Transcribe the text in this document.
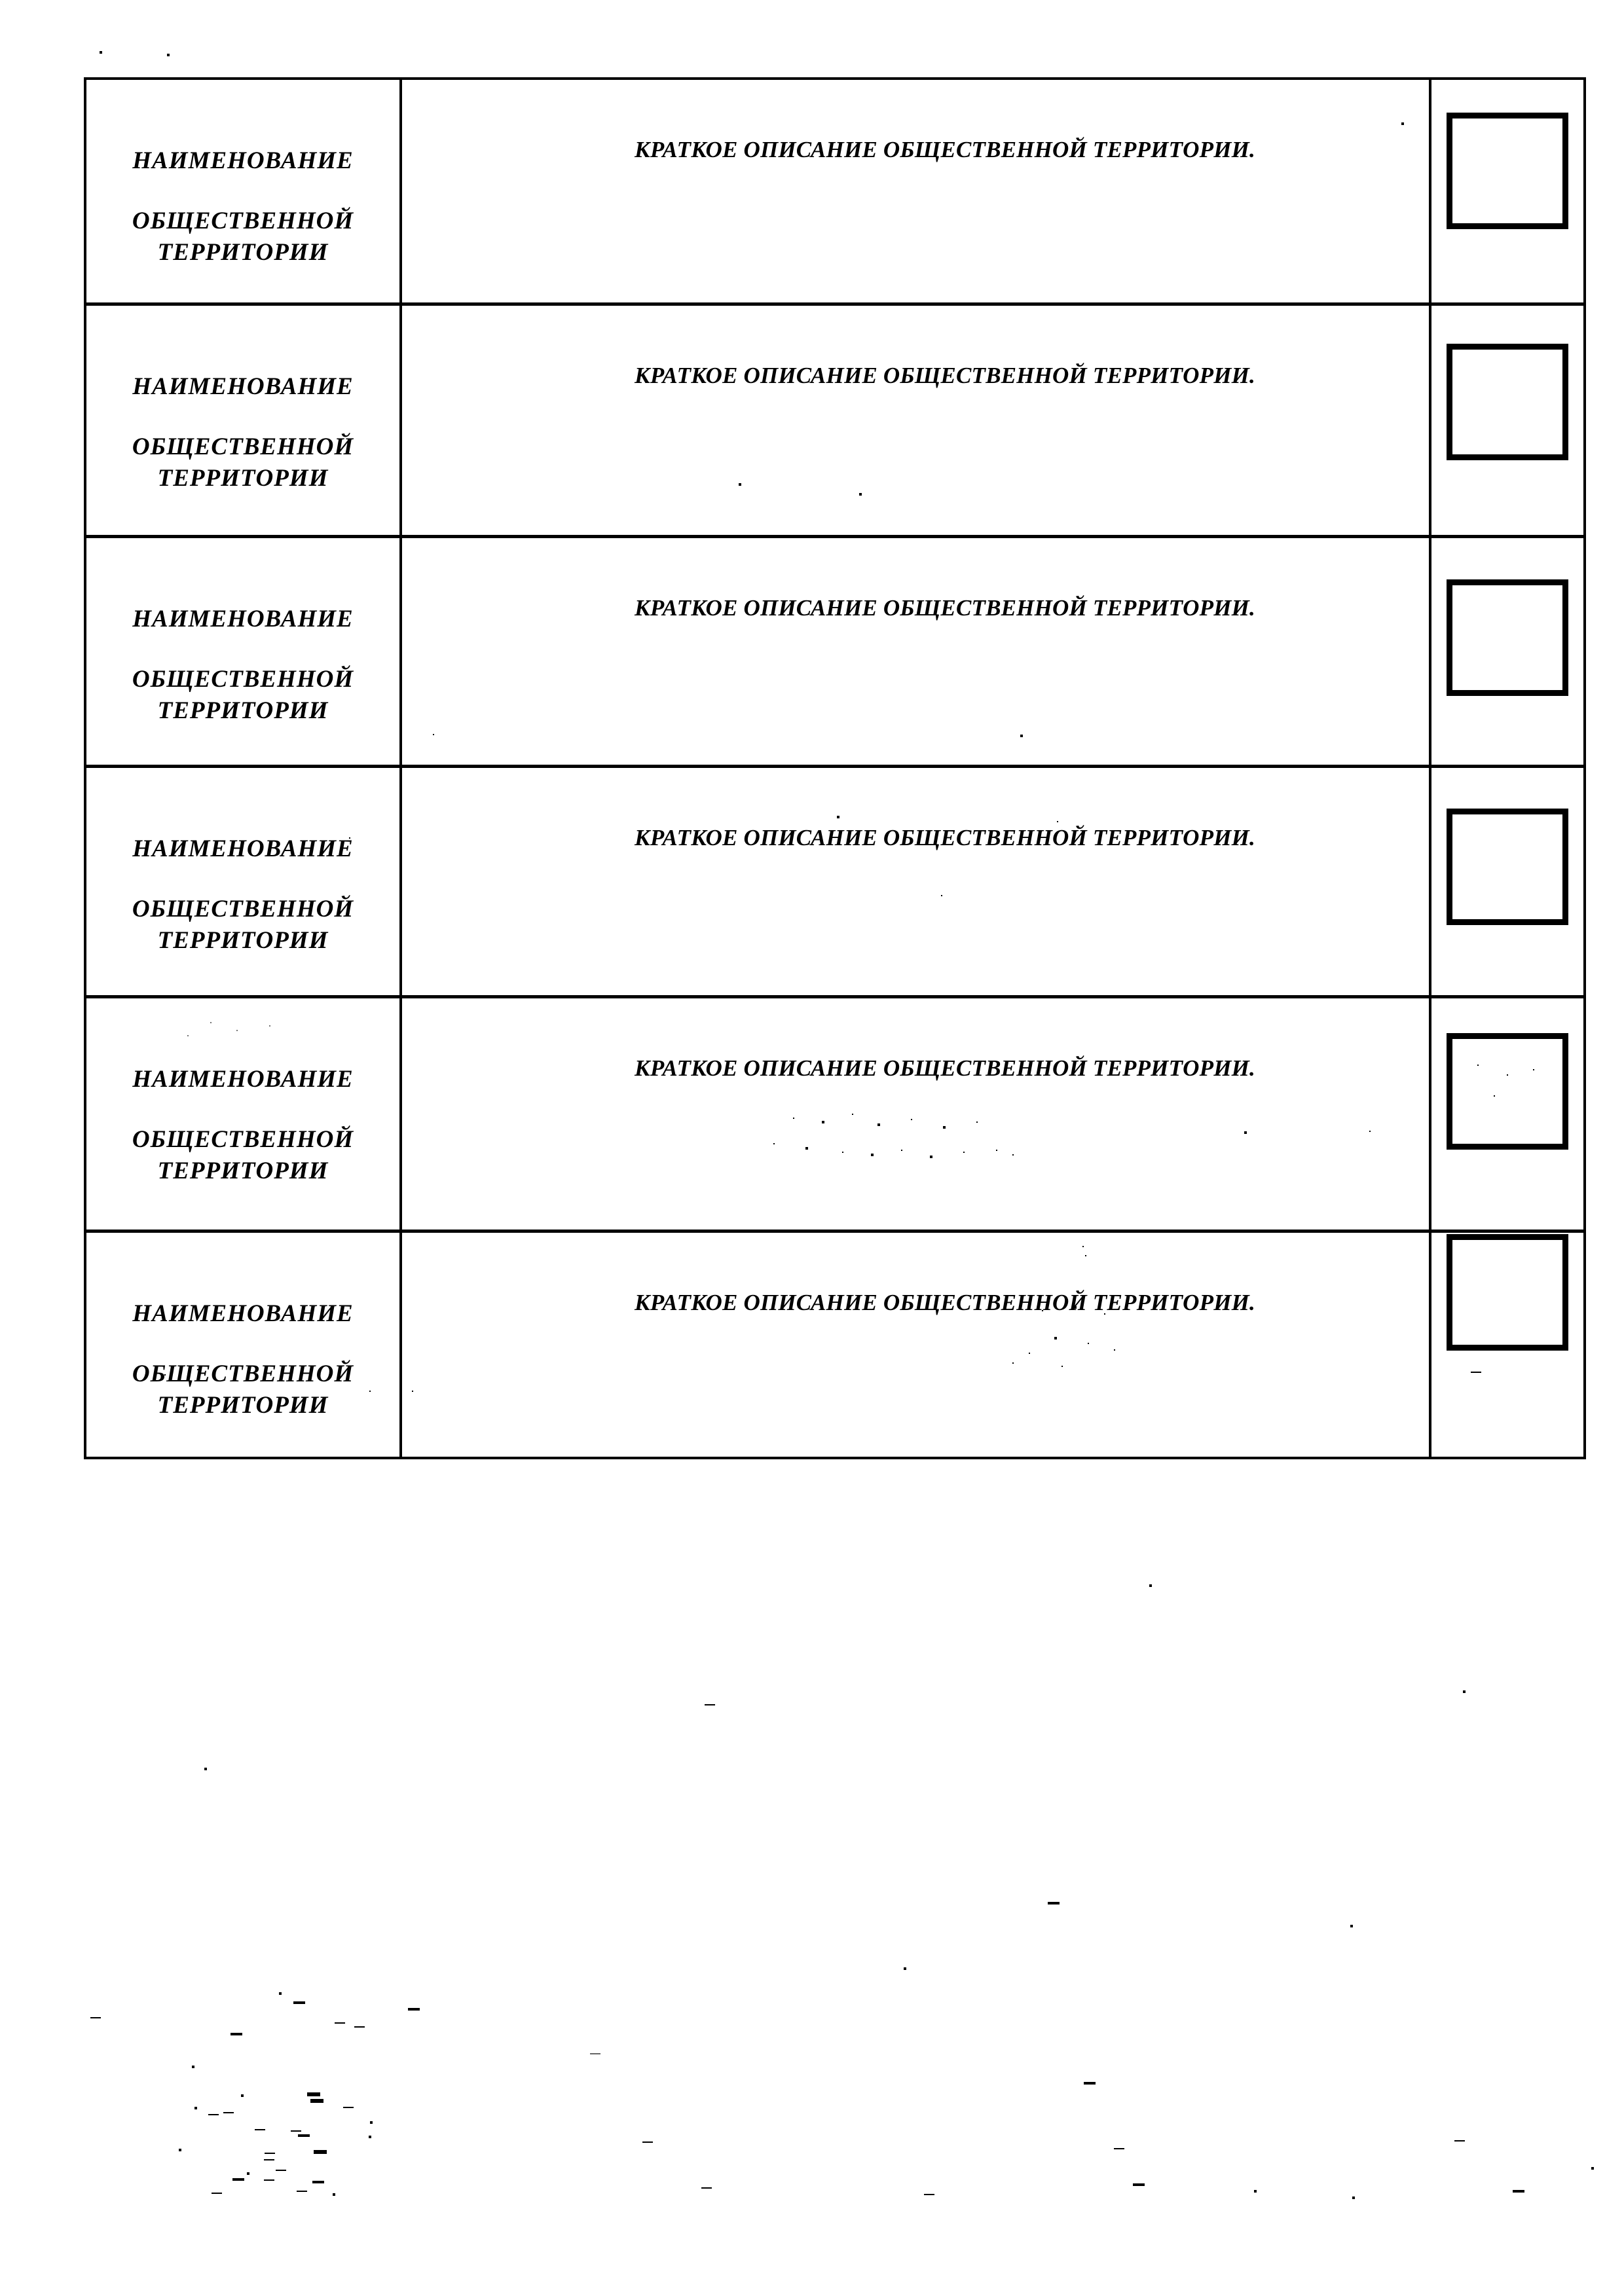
НАИМЕНОВАНИЕ
ОБЩЕСТВЕННОЙ
ТЕРРИТОРИИ
КРАТКОЕ ОПИСАНИЕ ОБЩЕСТВЕННОЙ ТЕРРИТОРИИ.
НАИМЕНОВАНИЕ
ОБЩЕСТВЕННОЙ
ТЕРРИТОРИИ
КРАТКОЕ ОПИСАНИЕ ОБЩЕСТВЕННОЙ ТЕРРИТОРИИ.
НАИМЕНОВАНИЕ
ОБЩЕСТВЕННОЙ
ТЕРРИТОРИИ
КРАТКОЕ ОПИСАНИЕ ОБЩЕСТВЕННОЙ ТЕРРИТОРИИ.
НАИМЕНОВАНИЕ
ОБЩЕСТВЕННОЙ
ТЕРРИТОРИИ
КРАТКОЕ ОПИСАНИЕ ОБЩЕСТВЕННОЙ ТЕРРИТОРИИ.
НАИМЕНОВАНИЕ
ОБЩЕСТВЕННОЙ
ТЕРРИТОРИИ
КРАТКОЕ ОПИСАНИЕ ОБЩЕСТВЕННОЙ ТЕРРИТОРИИ.
НАИМЕНОВАНИЕ
ОБЩЕСТВЕННОЙ
ТЕРРИТОРИИ
КРАТКОЕ ОПИСАНИЕ ОБЩЕСТВЕННОЙ ТЕРРИТОРИИ.
